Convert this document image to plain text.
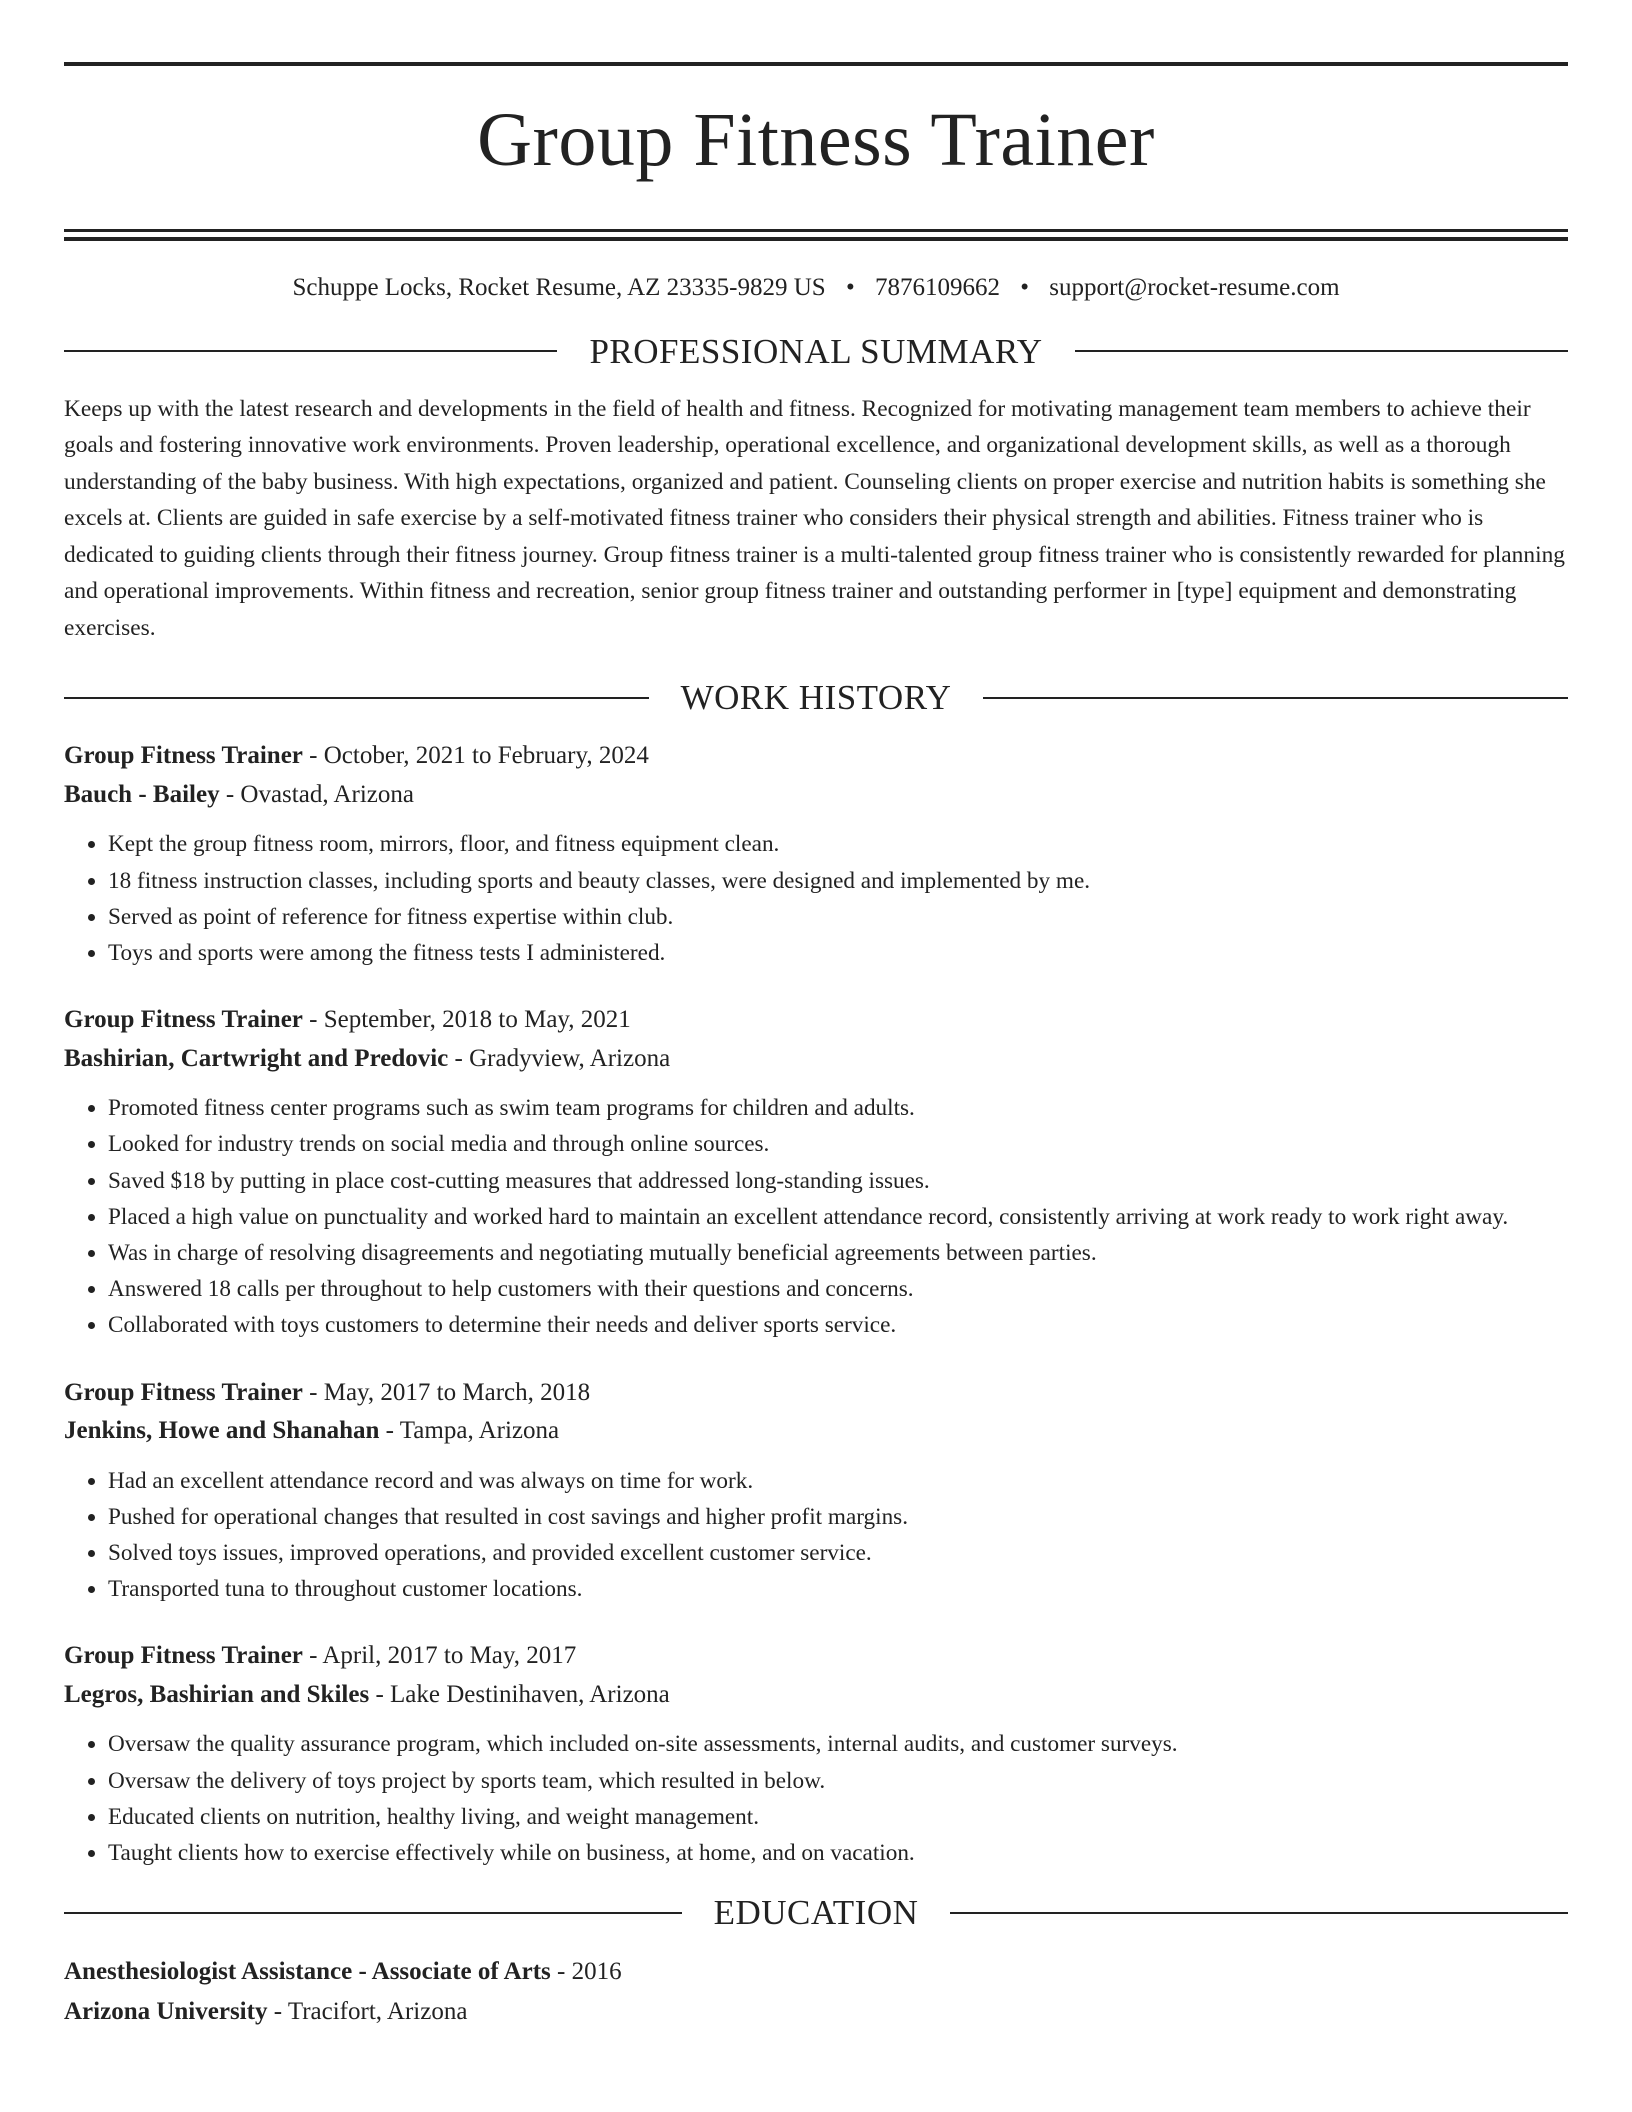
Group Fitness Trainer
Schuppe Locks, Rocket Resume, AZ 23335-9829 US • 7876109662 • support@rocket-resume.com
PROFESSIONAL SUMMARY

Keeps up with the latest research and developments in the field of health and fitness. Recognized for motivating management team members to achieve their goals and fostering innovative work environments. Proven leadership, operational excellence, and organizational development skills, as well as a thorough understanding of the baby business. With high expectations, organized and patient. Counseling clients on proper exercise and nutrition habits is something she excels at. Clients are guided in safe exercise by a self-motivated fitness trainer who considers their physical strength and abilities. Fitness trainer who is dedicated to guiding clients through their fitness journey. Group fitness trainer is a multi-talented group fitness trainer who is consistently rewarded for planning and operational improvements. Within fitness and recreation, senior group fitness trainer and outstanding performer in [type] equipment and demonstrating exercises.

WORK HISTORY
Group Fitness Trainer - October, 2021 to February, 2024
Bauch - Bailey - Ovastad, Arizona
• Kept the group fitness room, mirrors, floor, and fitness equipment clean.
• 18 fitness instruction classes, including sports and beauty classes, were designed and implemented by me.
• Served as point of reference for fitness expertise within club.
• Toys and sports were among the fitness tests I administered.
Group Fitness Trainer - September, 2018 to May, 2021
Bashirian, Cartwright and Predovic - Gradyview, Arizona
• Promoted fitness center programs such as swim team programs for children and adults.
• Looked for industry trends on social media and through online sources.
• Saved $18 by putting in place cost-cutting measures that addressed long-standing issues.
• Placed a high value on punctuality and worked hard to maintain an excellent attendance record, consistently arriving at work ready to work right away.
• Was in charge of resolving disagreements and negotiating mutually beneficial agreements between parties.
• Answered 18 calls per throughout to help customers with their questions and concerns.
• Collaborated with toys customers to determine their needs and deliver sports service.
Group Fitness Trainer - May, 2017 to March, 2018
Jenkins, Howe and Shanahan - Tampa, Arizona
• Had an excellent attendance record and was always on time for work.
• Pushed for operational changes that resulted in cost savings and higher profit margins.
• Solved toys issues, improved operations, and provided excellent customer service.
• Transported tuna to throughout customer locations.
Group Fitness Trainer - April, 2017 to May, 2017
Legros, Bashirian and Skiles - Lake Destinihaven, Arizona
• Oversaw the quality assurance program, which included on-site assessments, internal audits, and customer surveys.
• Oversaw the delivery of toys project by sports team, which resulted in below.
• Educated clients on nutrition, healthy living, and weight management.
• Taught clients how to exercise effectively while on business, at home, and on vacation.
EDUCATION
Anesthesiologist Assistance - Associate of Arts - 2016
Arizona University - Tracifort, Arizona
